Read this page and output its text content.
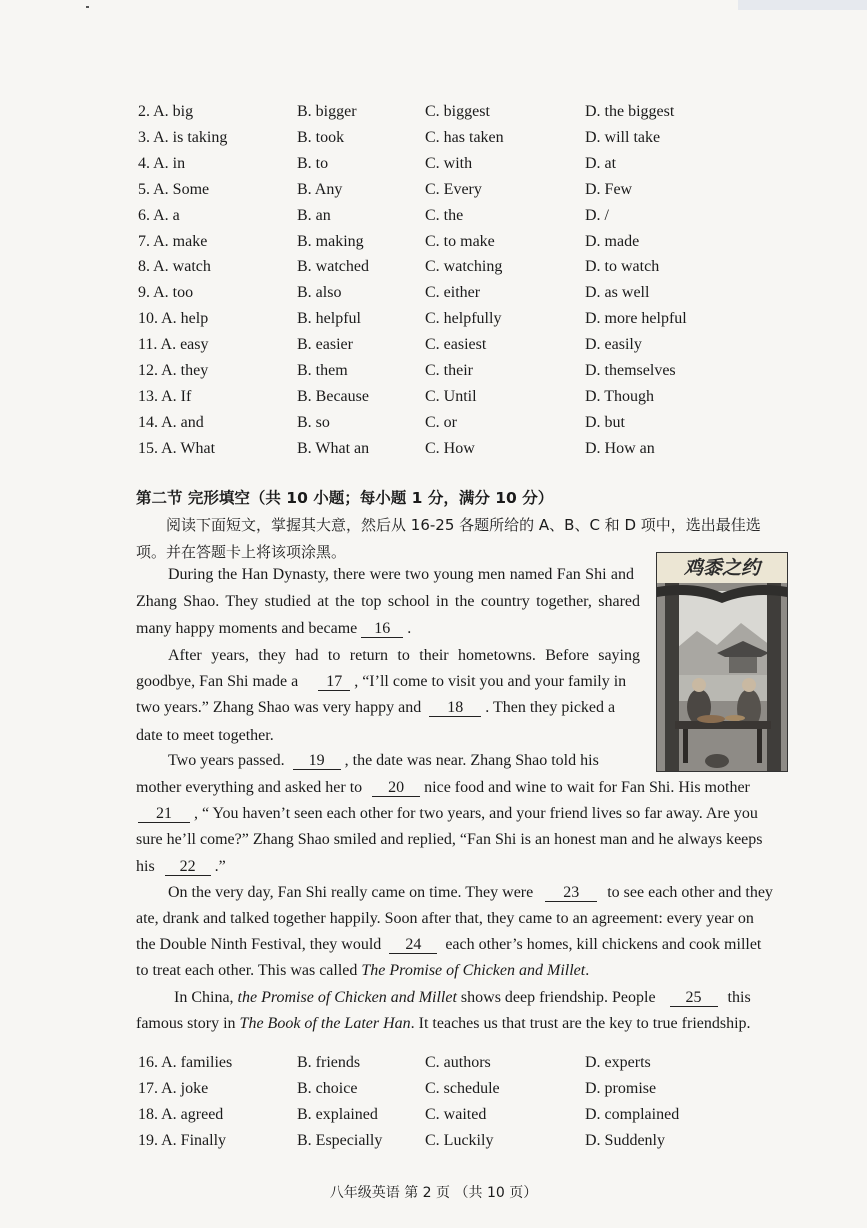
2. A. big	B. bigger	C. biggest	D. the biggest
3. A. is taking	B. took	C. has taken	D. will take
4. A. in	B. to	C. with	D. at
5. A. Some	B. Any	C. Every	D. Few
6. A. a	B. an	C. the	D. /
7. A. make	B. making	C. to make	D. made
8. A. watch	B. watched	C. watching	D. to watch
9. A. too	B. also	C. either	D. as well
10. A. help	B. helpful	C. helpfully	D. more helpful
11. A. easy	B. easier	C. easiest	D. easily
12. A. they	B. them	C. their	D. themselves
13. A. If	B. Because	C. Until	D. Though
14. A. and	B. so	C. or	D. but
15. A. What	B. What an	C. How	D. How an
第二节 完形填空（共 10 小题；每小题 1 分，满分 10 分）
阅读下面短文，掌握其大意，然后从 16-25 各题所给的 A、B、C 和 D 项中，选出最佳选项。并在答题卡上将该项涂黑。
鸡黍之约
During the Han Dynasty, there were two young men named Fan Shi and
Zhang Shao. They studied at the top school in the country together, shared
many happy moments and became 16 .
After years, they had to return to their hometowns. Before saying
goodbye, Fan Shi made a 17 , “I’ll come to visit you and your family in
two years.” Zhang Shao was very happy and 18 . Then they picked a
date to meet together.
Two years passed. 19 , the date was near. Zhang Shao told his
mother everything and asked her to 20 nice food and wine to wait for Fan Shi. His mother
21 , “ You haven’t seen each other for two years, and your friend lives so far away. Are you
sure he’ll come?” Zhang Shao smiled and replied, “Fan Shi is an honest man and he always keeps
his 22 .”
On the very day, Fan Shi really came on time. They were 23 to see each other and they
ate, drank and talked together happily. Soon after that, they came to an agreement: every year on
the Double Ninth Festival, they would 24 each other’s homes, kill chickens and cook millet
to treat each other. This was called The Promise of Chicken and Millet.
In China, the Promise of Chicken and Millet shows deep friendship. People 25 this
famous story in The Book of the Later Han. It teaches us that trust are the key to true friendship.
16. A. families	B. friends	C. authors	D. experts
17. A. joke	B. choice	C. schedule	D. promise
18. A. agreed	B. explained	C. waited	D. complained
19. A. Finally	B. Especially	C. Luckily	D. Suddenly
八年级英语 第 2 页 （共 10 页）
